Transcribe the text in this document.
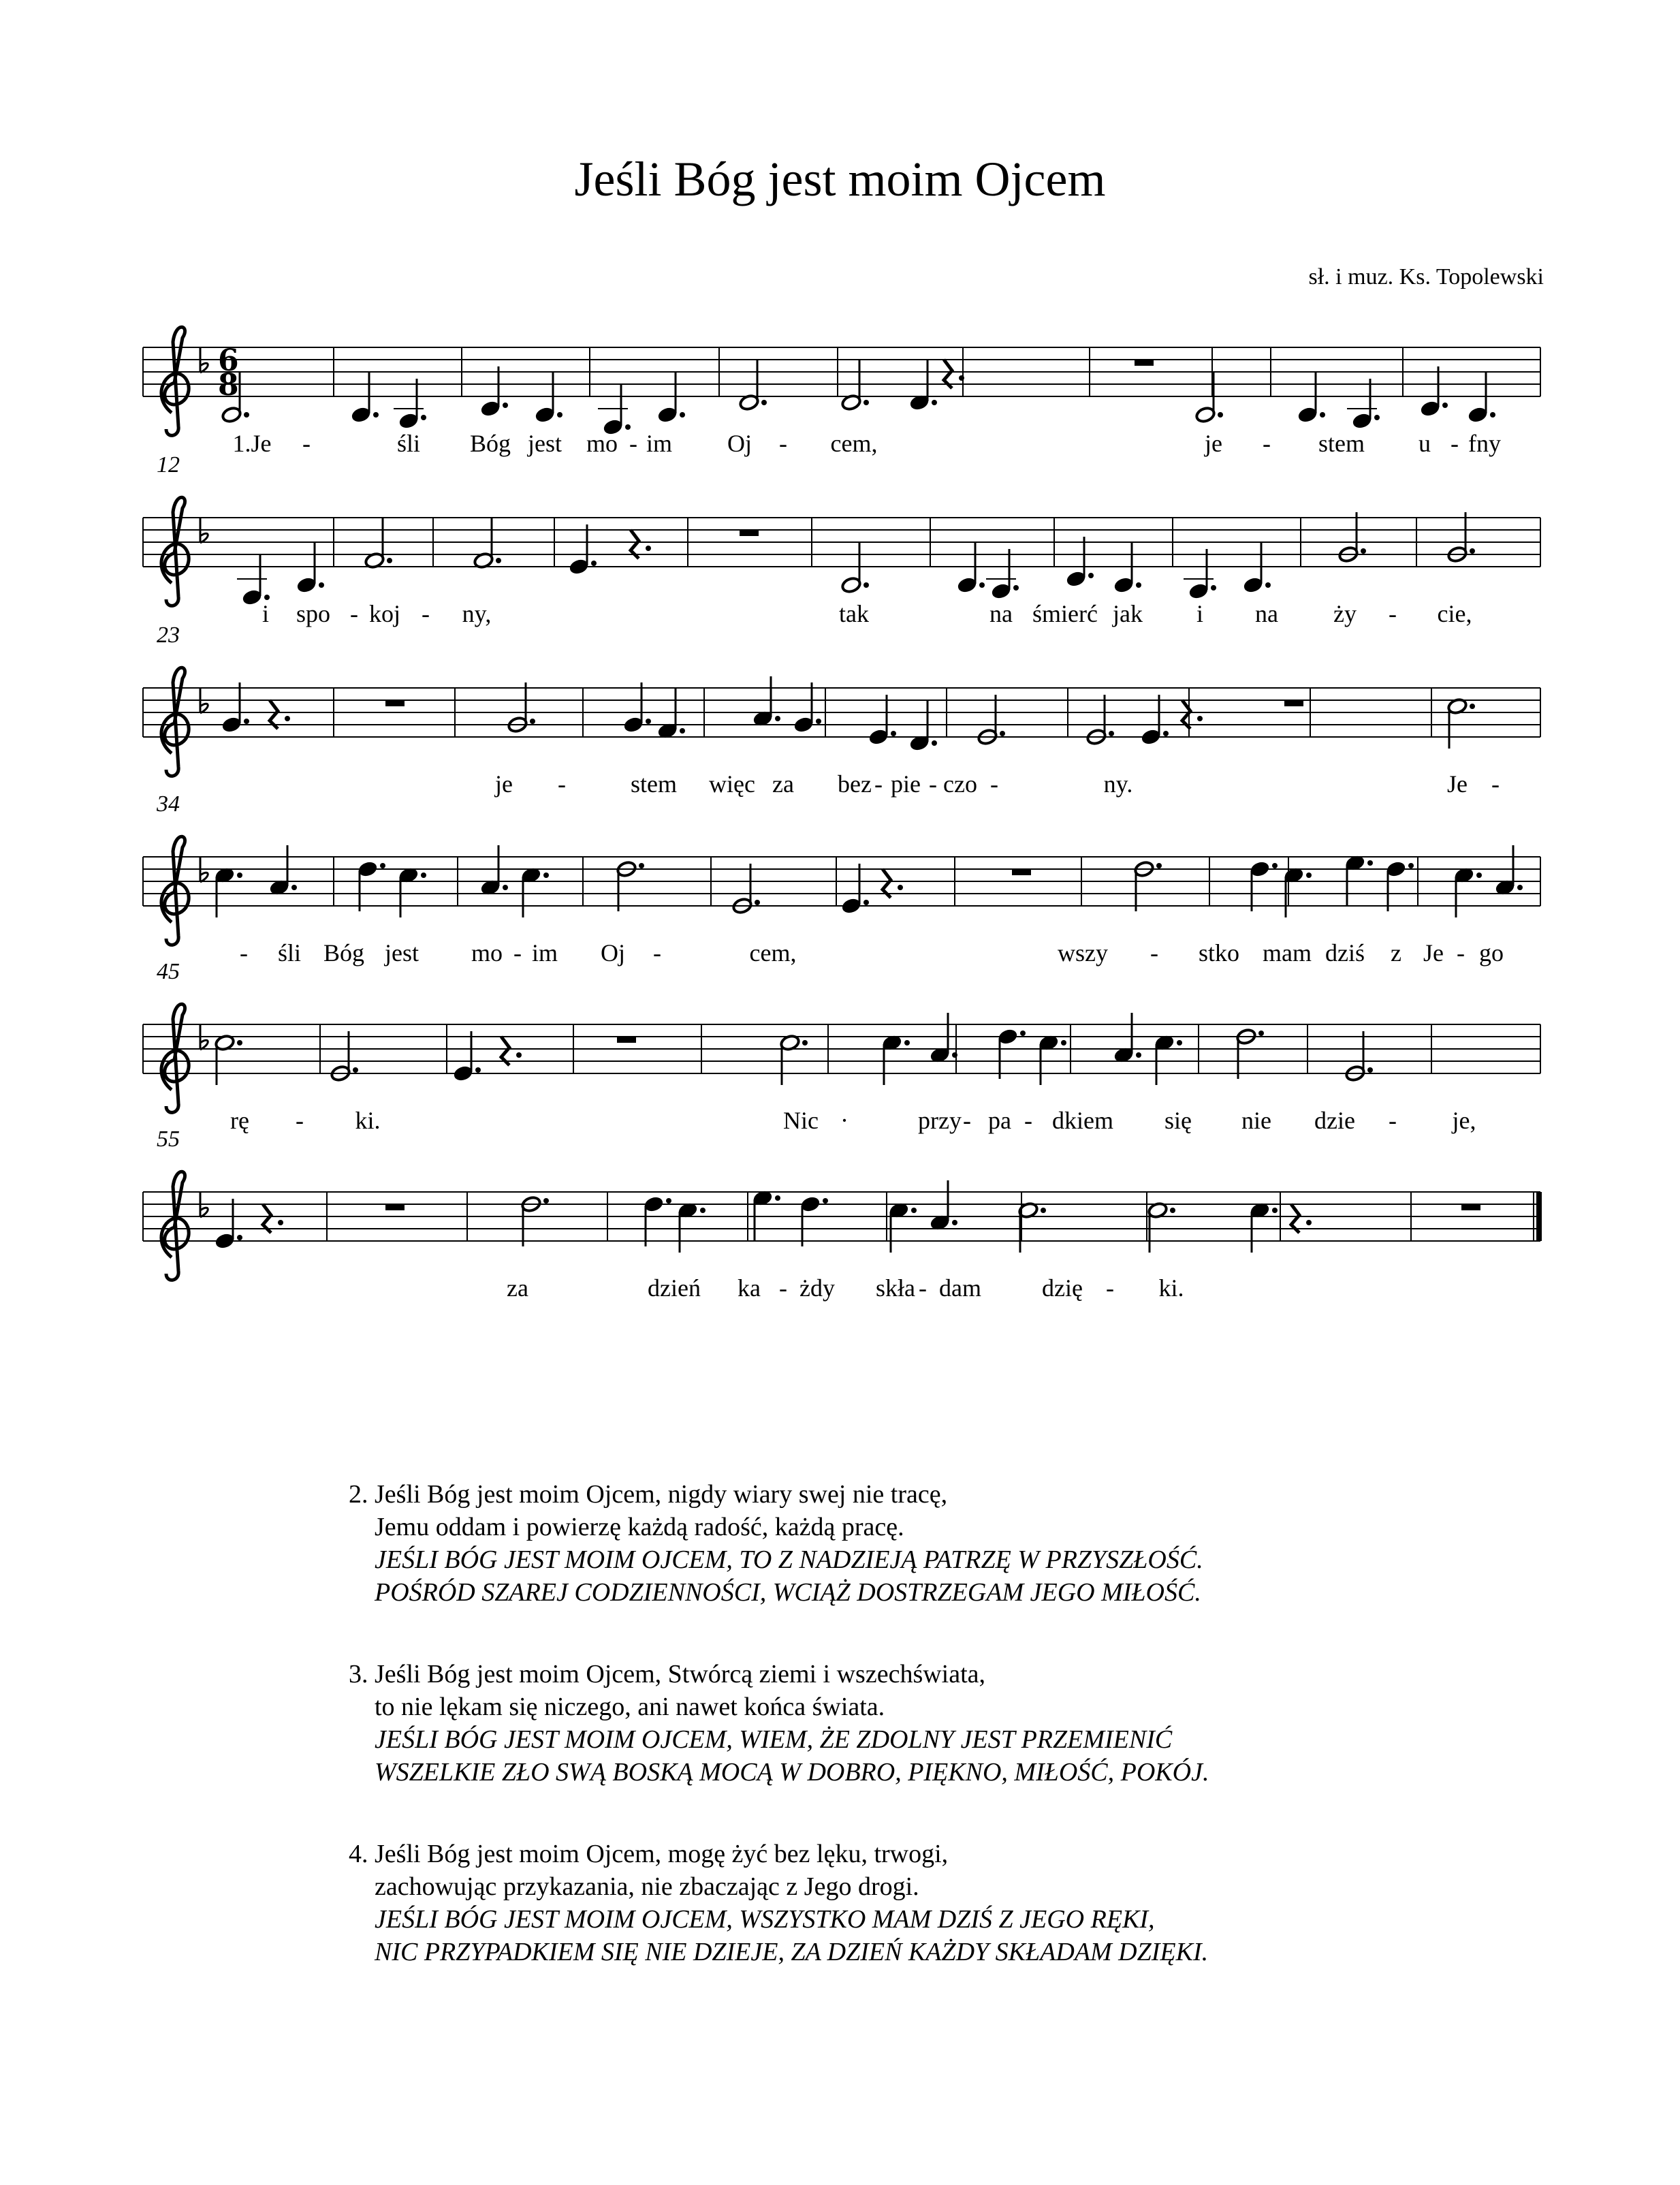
Jeśli Bóg jest moim Ojcem
sł. i muz. Ks. Topolewski
6
8
1.Je -	śli Bóg jest mo - im Oj - cem,	je - stem u - fny
12
i spo - koj - ny,	tak	na śmierć jak i na ży - cie,
23
je -	stem więc za bez - pie - czo -	ny.	Je -
34
- śli Bóg jest mo - im Oj -	cem,	wszy - stko mam dziś z Je - go
45
rę - ki.	Nic ·	przy - pa - dkiem się nie dzie - je,
55
za	dzień ka - żdy skła - dam dzię - ki.
2. Jeśli Bóg jest moim Ojcem, nigdy wiary swej nie tracę,
Jemu oddam i powierzę każdą radość, każdą pracę.
JEŚLI BÓG JEST MOIM OJCEM, TO Z NADZIEJĄ PATRZĘ W PRZYSZŁOŚĆ.
POŚRÓD SZAREJ CODZIENNOŚCI, WCIĄŻ DOSTRZEGAM JEGO MIŁOŚĆ.
3. Jeśli Bóg jest moim Ojcem, Stwórcą ziemi i wszechświata,
to nie lękam się niczego, ani nawet końca świata.
JEŚLI BÓG JEST MOIM OJCEM, WIEM, ŻE ZDOLNY JEST PRZEMIENIĆ
WSZELKIE ZŁO SWĄ BOSKĄ MOCĄ W DOBRO, PIĘKNO, MIŁOŚĆ, POKÓJ.
4. Jeśli Bóg jest moim Ojcem, mogę żyć bez lęku, trwogi,
zachowując przykazania, nie zbaczając z Jego drogi.
JEŚLI BÓG JEST MOIM OJCEM, WSZYSTKO MAM DZIŚ Z JEGO RĘKI,
NIC PRZYPADKIEM SIĘ NIE DZIEJE, ZA DZIEŃ KAŻDY SKŁADAM DZIĘKI.
